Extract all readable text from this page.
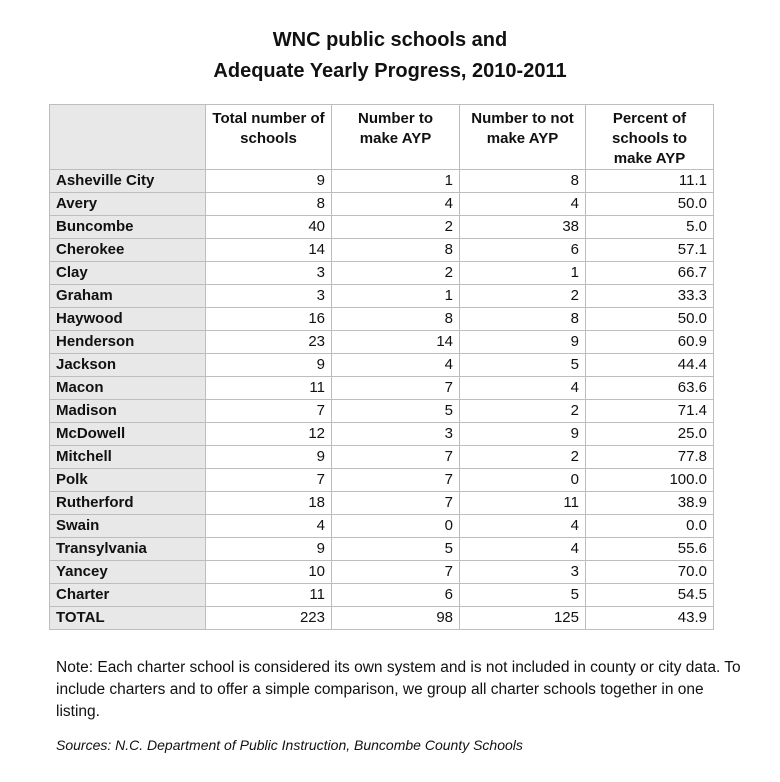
WNC public schools and
Adequate Yearly Progress, 2010-2011
	Total number of schools	Number to make AYP	Number to not make AYP	Percent of schools to make AYP
Asheville City	9	1	8	11.1
Avery	8	4	4	50.0
Buncombe	40	2	38	5.0
Cherokee	14	8	6	57.1
Clay	3	2	1	66.7
Graham	3	1	2	33.3
Haywood	16	8	8	50.0
Henderson	23	14	9	60.9
Jackson	9	4	5	44.4
Macon	11	7	4	63.6
Madison	7	5	2	71.4
McDowell	12	3	9	25.0
Mitchell	9	7	2	77.8
Polk	7	7	0	100.0
Rutherford	18	7	11	38.9
Swain	4	0	4	0.0
Transylvania	9	5	4	55.6
Yancey	10	7	3	70.0
Charter	11	6	5	54.5
TOTAL	223	98	125	43.9
Note: Each charter school is considered its own system and is not included in county or city data. To include charters and to offer a simple comparison, we group all charter schools together in one listing.
Sources: N.C. Department of Public Instruction, Buncombe County Schools
